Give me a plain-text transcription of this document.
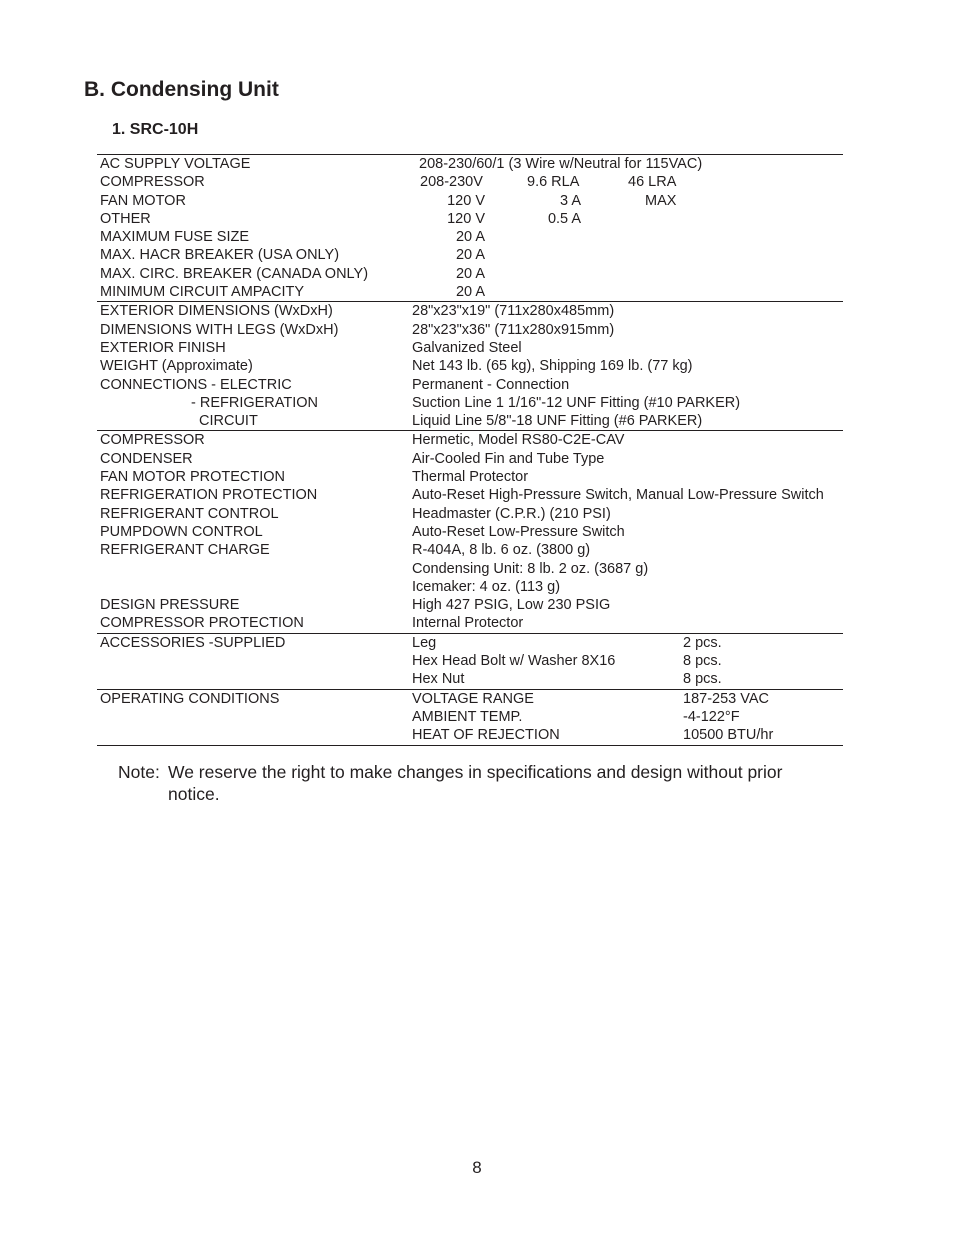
B. Condensing Unit
1. SRC-10H
AC SUPPLY VOLTAGE	208-230/60/1 (3 Wire w/Neutral for 115VAC)
COMPRESSOR	208-230V	9.6 RLA	46 LRA
FAN MOTOR	120 V	3 A	MAX
OTHER	120 V	0.5 A
MAXIMUM FUSE SIZE	20 A
MAX. HACR BREAKER (USA ONLY)	20 A
MAX. CIRC. BREAKER (CANADA ONLY)	20 A
MINIMUM CIRCUIT AMPACITY	20 A
EXTERIOR DIMENSIONS (WxDxH)	28"x23"x19" (711x280x485mm)
DIMENSIONS WITH LEGS (WxDxH)	28"x23"x36" (711x280x915mm)
EXTERIOR FINISH	Galvanized Steel
WEIGHT (Approximate)	Net 143 lb. (65 kg), Shipping 169 lb. (77 kg)
CONNECTIONS - ELECTRIC	Permanent - Connection
- REFRIGERATION	Suction Line 1 1/16"-12 UNF Fitting (#10 PARKER)
CIRCUIT	Liquid Line 5/8"-18 UNF Fitting (#6 PARKER)
COMPRESSOR	Hermetic, Model RS80-C2E-CAV
CONDENSER	Air-Cooled Fin and Tube Type
FAN MOTOR PROTECTION	Thermal Protector
REFRIGERATION PROTECTION	Auto-Reset High-Pressure Switch, Manual Low-Pressure Switch
REFRIGERANT CONTROL	Headmaster (C.P.R.) (210 PSI)
PUMPDOWN CONTROL	Auto-Reset Low-Pressure Switch
REFRIGERANT CHARGE	R-404A, 8 lb. 6 oz. (3800 g)
Condensing Unit: 8 lb. 2 oz. (3687 g)
Icemaker: 4 oz. (113 g)
DESIGN PRESSURE	High 427 PSIG, Low 230 PSIG
COMPRESSOR PROTECTION	Internal Protector
ACCESSORIES -SUPPLIED	Leg	2 pcs.
Hex Head Bolt w/ Washer 8X16	8 pcs.
Hex Nut	8 pcs.
OPERATING CONDITIONS	VOLTAGE RANGE	187-253 VAC
AMBIENT TEMP.	-4-122°F
HEAT OF REJECTION	10500 BTU/hr
Note: We reserve the right to make changes in specifications and design without prior notice.
8
